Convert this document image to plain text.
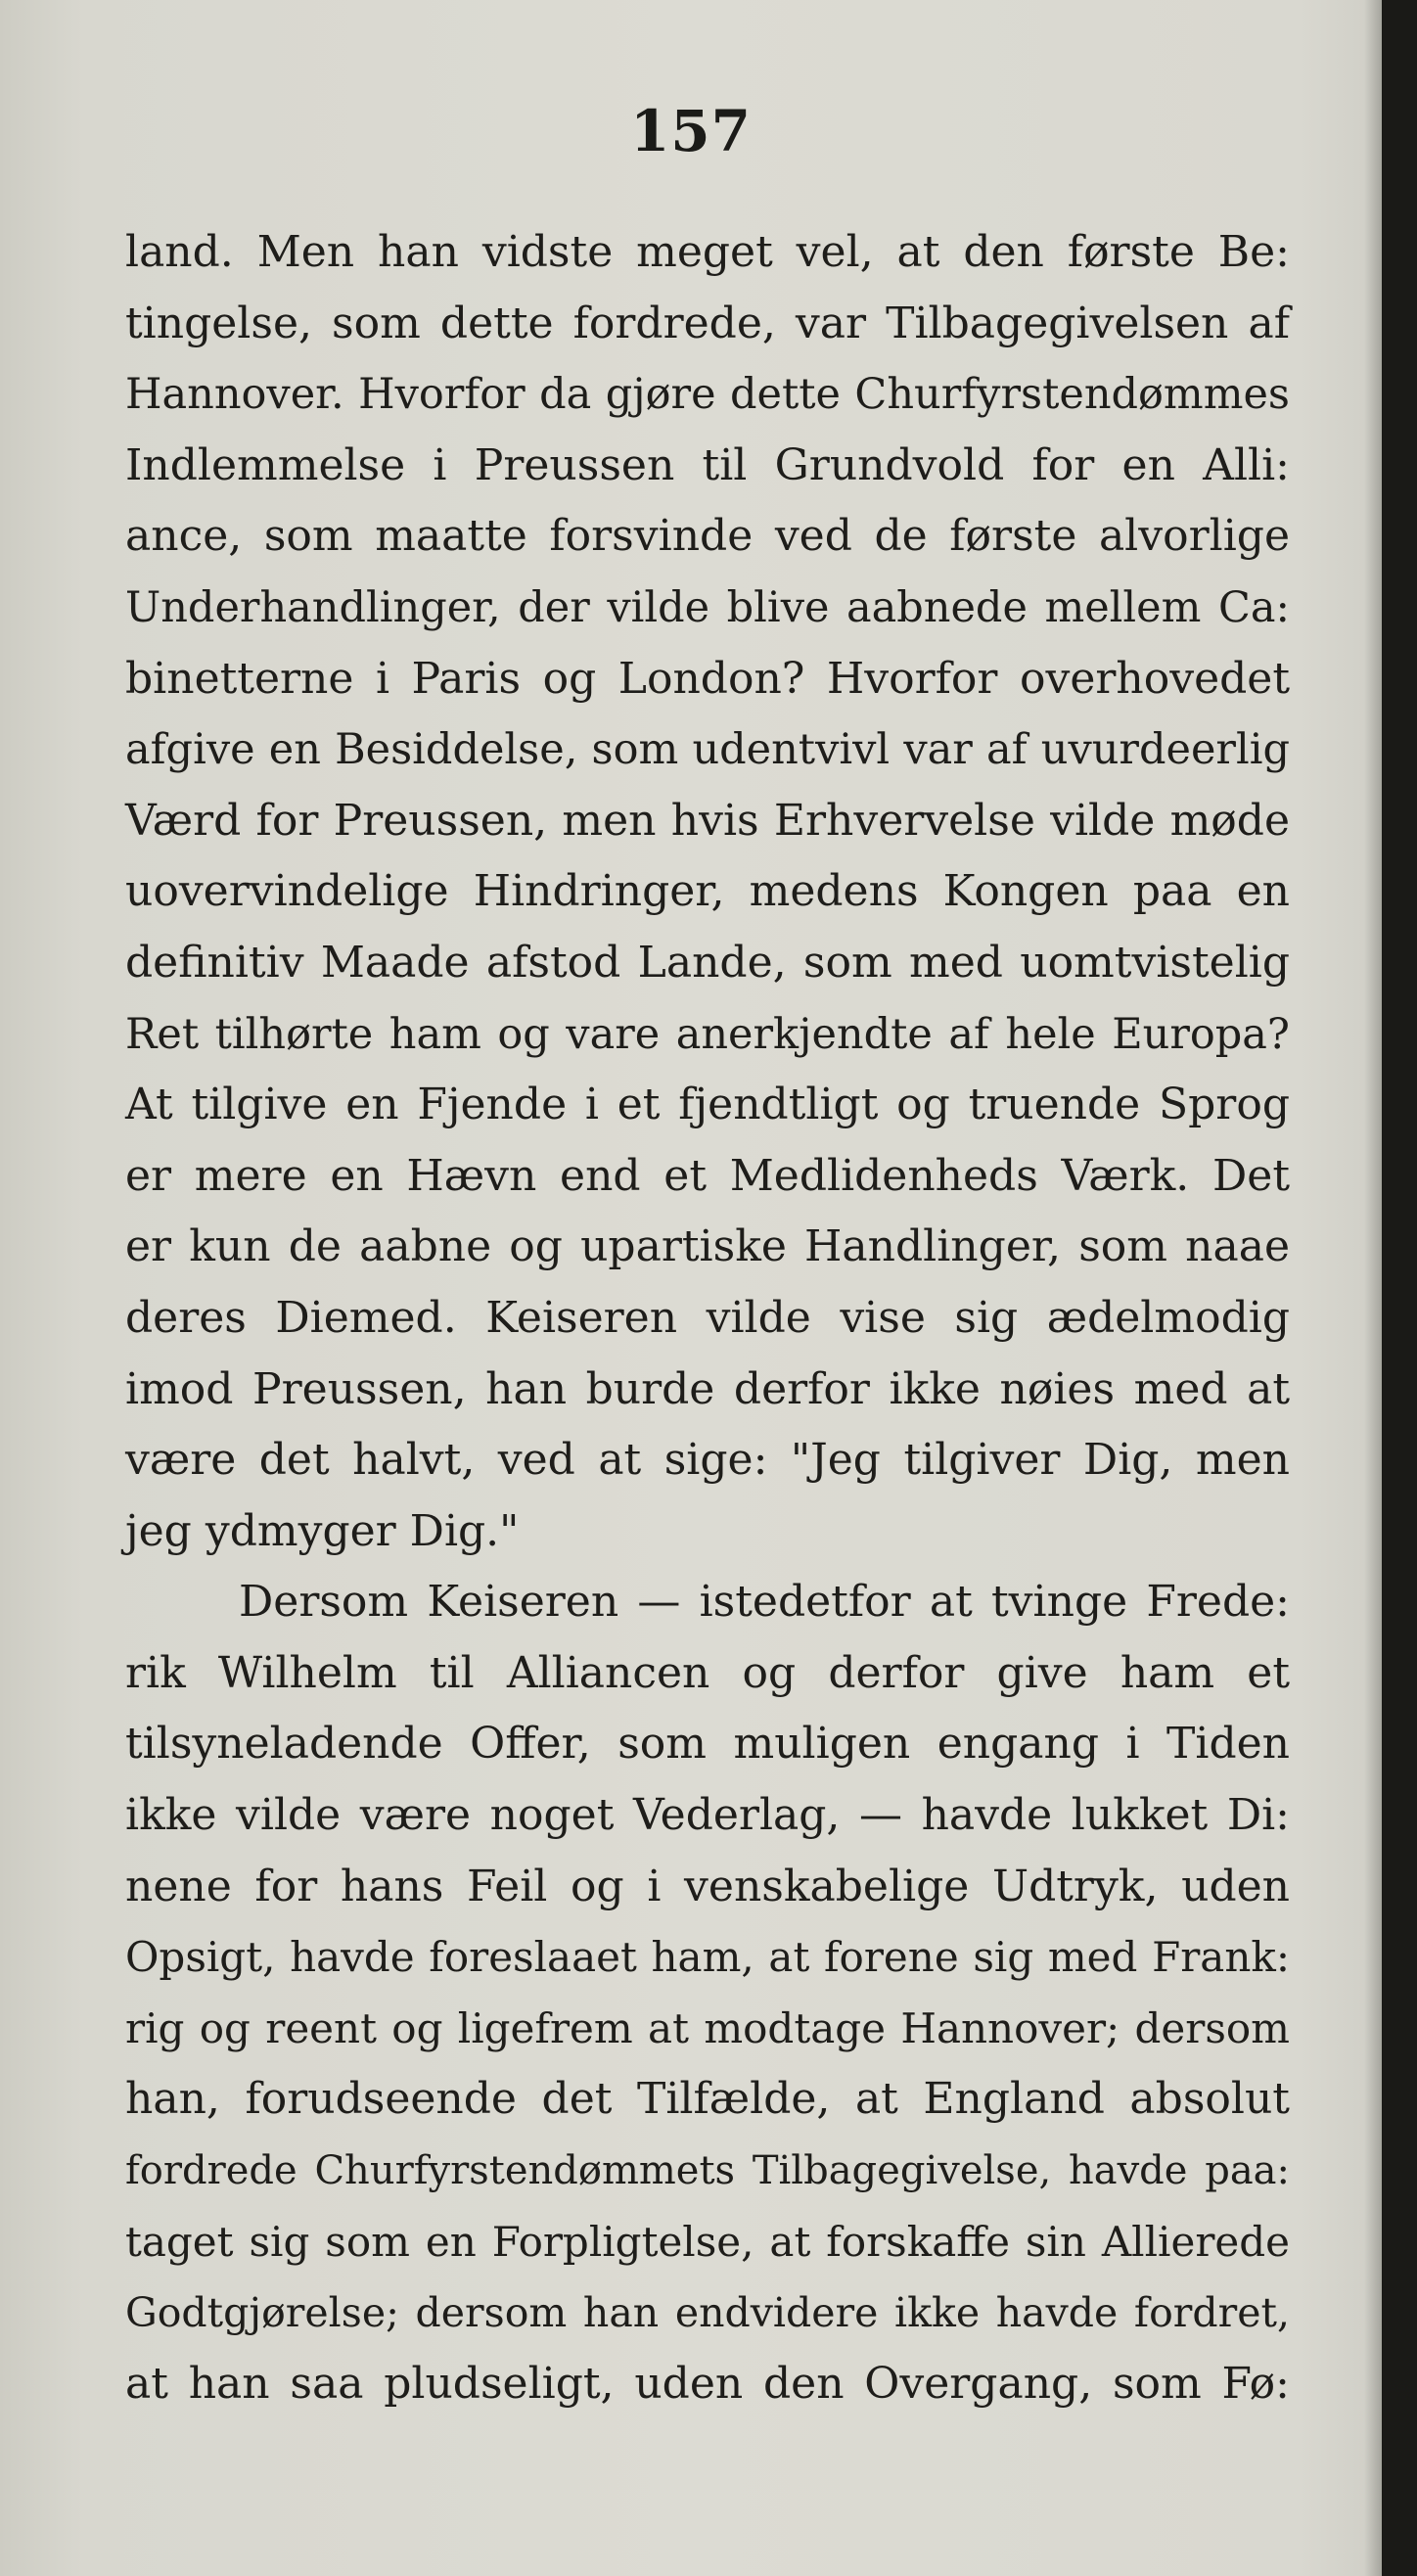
157
land. Men han vidste meget vel, at den første Be:
tingelse, som dette fordrede, var Tilbagegivelsen af
Hannover. Hvorfor da gjøre dette Churfyrstendømmes
Indlemmelse i Preussen til Grundvold for en Alli:
ance, som maatte forsvinde ved de første alvorlige
Underhandlinger, der vilde blive aabnede mellem Ca:
binetterne i Paris og London? Hvorfor overhovedet
afgive en Besiddelse, som udentvivl var af uvurdeerlig
Værd for Preussen, men hvis Erhvervelse vilde møde
uovervindelige Hindringer, medens Kongen paa en
definitiv Maade afstod Lande, som med uomtvistelig
Ret tilhørte ham og vare anerkjendte af hele Europa?
At tilgive en Fjende i et fjendtligt og truende Sprog
er mere en Hævn end et Medlidenheds Værk. Det
er kun de aabne og upartiske Handlinger, som naae
deres Diemed. Keiseren vilde vise sig ædelmodig
imod Preussen, han burde derfor ikke nøies med at
være det halvt, ved at sige: "Jeg tilgiver Dig, men
jeg ydmyger Dig."
Dersom Keiseren — istedetfor at tvinge Frede:
rik Wilhelm til Alliancen og derfor give ham et
tilsyneladende Offer, som muligen engang i Tiden
ikke vilde være noget Vederlag, — havde lukket Di:
nene for hans Feil og i venskabelige Udtryk, uden
Opsigt, havde foreslaaet ham, at forene sig med Frank:
rig og reent og ligefrem at modtage Hannover; dersom
han, forudseende det Tilfælde, at England absolut
fordrede Churfyrstendømmets Tilbagegivelse, havde paa:
taget sig som en Forpligtelse, at forskaffe sin Allierede
Godtgjørelse; dersom han endvidere ikke havde fordret,
at han saa pludseligt, uden den Overgang, som Fø:
